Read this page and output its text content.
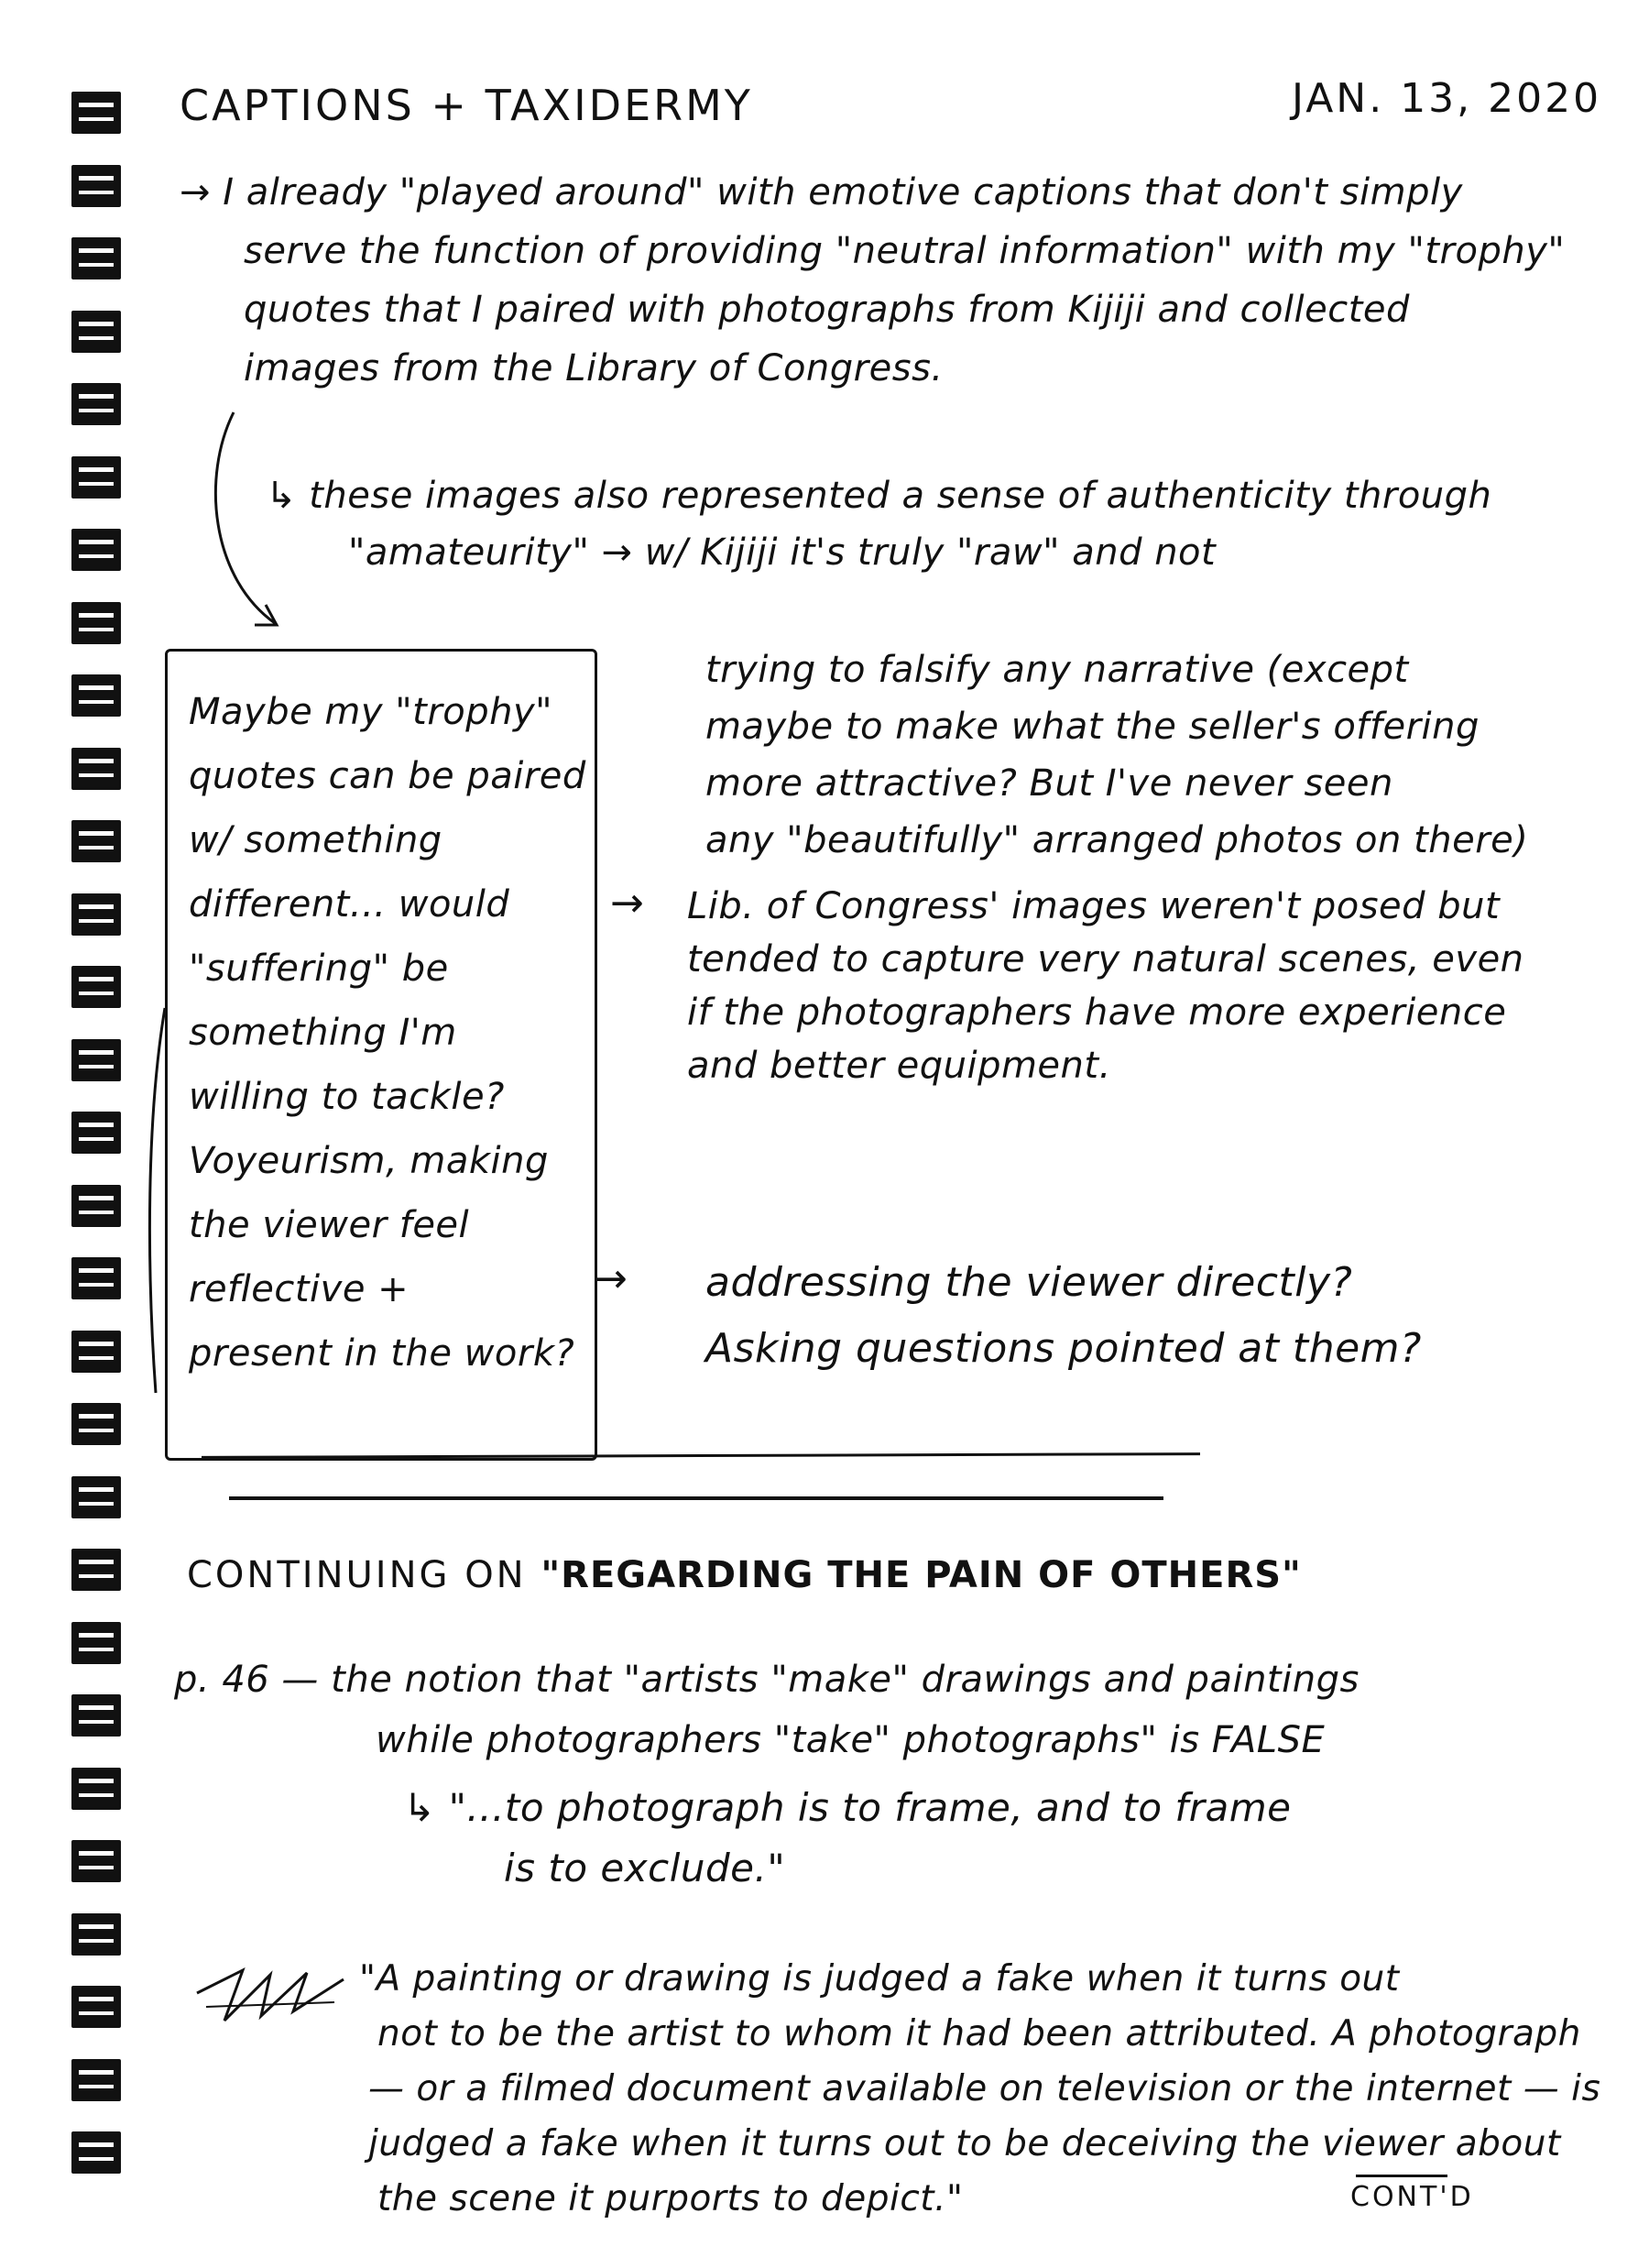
CAPTIONS + TAXIDERMY	JAN. 13, 2020
→ I already "played around" with emotive captions that don't simply
serve the function of providing "neutral information" with my "trophy"
quotes that I paired with photographs from Kijiji and collected
images from the Library of Congress.
↳ these images also represented a sense of authenticity through
"amateurity" → w/ Kijiji it's truly "raw" and not
Maybe my "trophy"
quotes can be paired
w/ something
different... would
"suffering" be
something I'm
willing to tackle?
Voyeurism, making
the viewer feel
reflective +
present in the work?
trying to falsify any narrative (except
maybe to make what the seller's offering
more attractive? But I've never seen
any "beautifully" arranged photos on there)
→ Lib. of Congress' images weren't posed but
tended to capture very natural scenes, even
if the photographers have more experience
and better equipment.
→ addressing the viewer directly?
Asking questions pointed at them?
CONTINUING ON "REGARDING THE PAIN OF OTHERS"
p. 46 — the notion that "artists "make" drawings and paintings
while photographers "take" photographs" is FALSE
↳ "...to photograph is to frame, and to frame
is to exclude."
"A painting or drawing is judged a fake when it turns out
not to be the artist to whom it had been attributed. A photograph
— or a filmed document available on television or the internet — is
judged a fake when it turns out to be deceiving the viewer about
the scene it purports to depict."	CONT'D
